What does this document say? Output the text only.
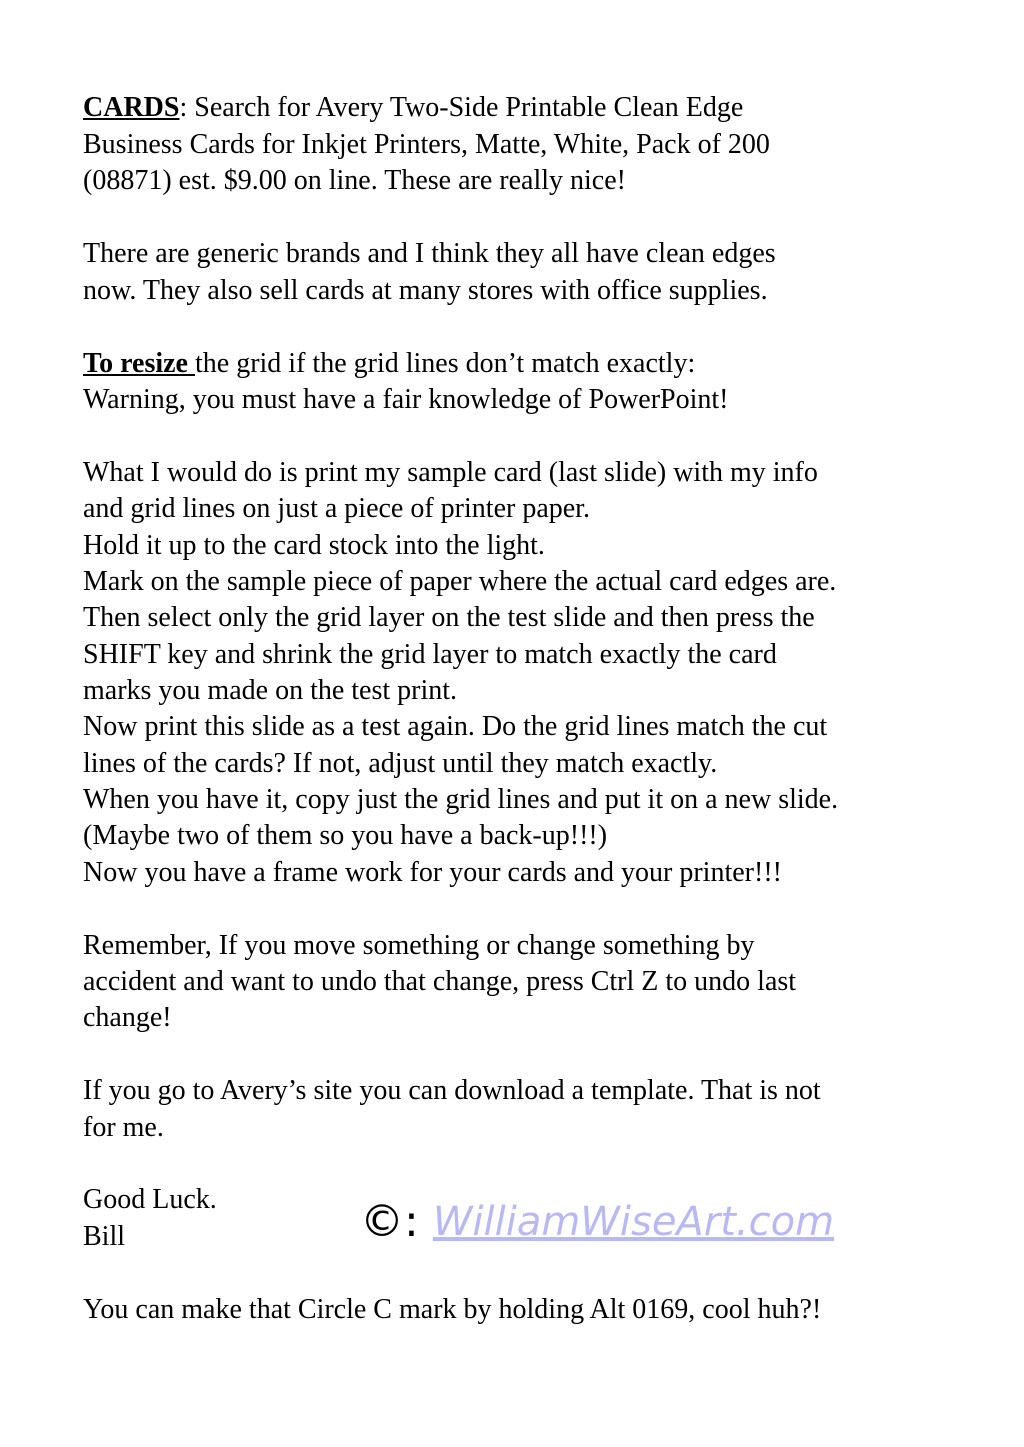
CARDS: Search for Avery Two-Side Printable Clean Edge
Business Cards for Inkjet Printers, Matte, White, Pack of 200
(08871) est. $9.00 on line. These are really nice!
There are generic brands and I think they all have clean edges
now. They also sell cards at many stores with office supplies.
To resize the grid if the grid lines don’t match exactly:
Warning, you must have a fair knowledge of PowerPoint!
What I would do is print my sample card (last slide) with my info
and grid lines on just a piece of printer paper.
Hold it up to the card stock into the light.
Mark on the sample piece of paper where the actual card edges are.
Then select only the grid layer on the test slide and then press the
SHIFT key and shrink the grid layer to match exactly the card
marks you made on the test print.
Now print this slide as a test again. Do the grid lines match the cut
lines of the cards? If not, adjust until they match exactly.
When you have it, copy just the grid lines and put it on a new slide.
(Maybe two of them so you have a back-up!!!)
Now you have a frame work for your cards and your printer!!!
Remember, If you move something or change something by
accident and want to undo that change, press Ctrl Z to undo last
change!
If you go to Avery’s site you can download a template. That is not
for me.
Good Luck.
Bill	©: WilliamWiseArt.com
You can make that Circle C mark by holding Alt 0169, cool huh?!
